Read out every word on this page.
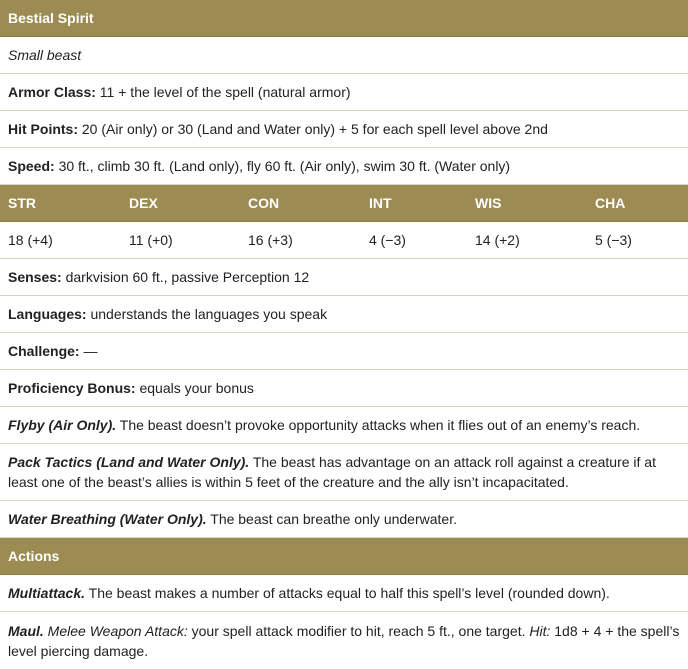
Bestial Spirit
Small beast
Armor Class: 11 + the level of the spell (natural armor)
Hit Points: 20 (Air only) or 30 (Land and Water only) + 5 for each spell level above 2nd
Speed: 30 ft., climb 30 ft. (Land only), fly 60 ft. (Air only), swim 30 ft. (Water only)
STR	DEX	CON	INT	WIS	CHA
18 (+4)	11 (+0)	16 (+3)	4 (−3)	14 (+2)	5 (−3)
Senses: darkvision 60 ft., passive Perception 12
Languages: understands the languages you speak
Challenge: —
Proficiency Bonus: equals your bonus
Flyby (Air Only). The beast doesn’t provoke opportunity attacks when it flies out of an enemy’s reach.
Pack Tactics (Land and Water Only). The beast has advantage on an attack roll against a creature if at least one of the beast’s allies is within 5 feet of the creature and the ally isn’t incapacitated.
Water Breathing (Water Only). The beast can breathe only underwater.
Actions
Multiattack. The beast makes a number of attacks equal to half this spell’s level (rounded down).
Maul. Melee Weapon Attack: your spell attack modifier to hit, reach 5 ft., one target. Hit: 1d8 + 4 + the spell’s level piercing damage.
